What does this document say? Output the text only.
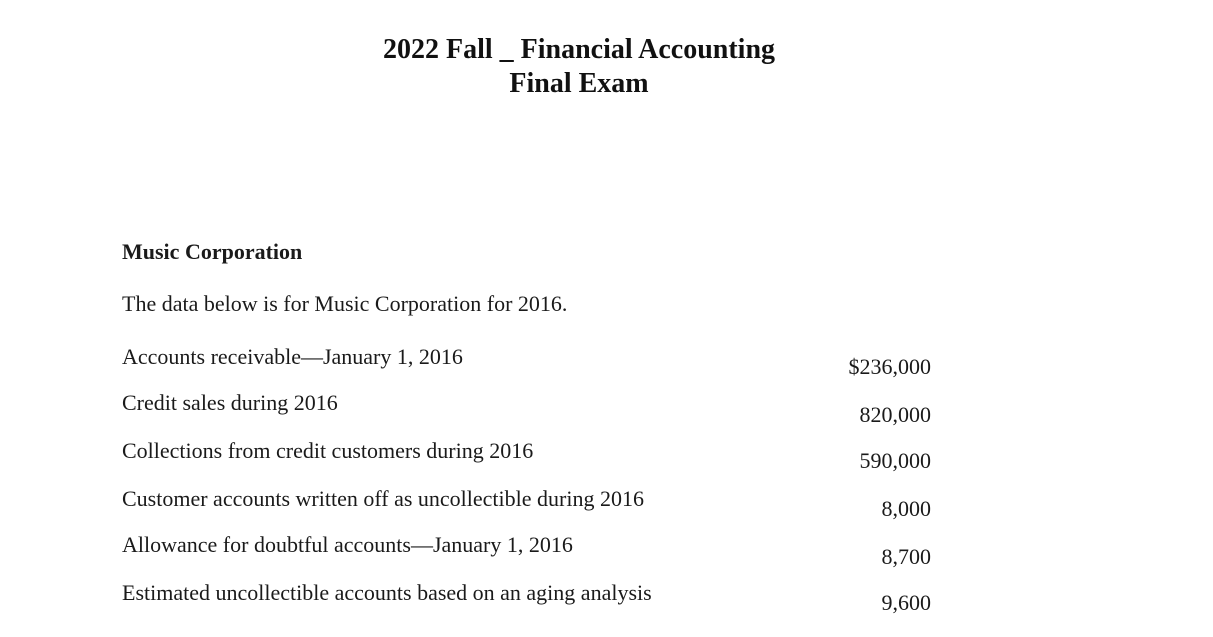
2022 Fall _ Financial Accounting
Final Exam
Music Corporation
The data below is for Music Corporation for 2016.
Accounts receivable—January 1, 2016	$236,000
Credit sales during 2016	820,000
Collections from credit customers during 2016	590,000
Customer accounts written off as uncollectible during 2016	8,000
Allowance for doubtful accounts—January 1, 2016	8,700
Estimated uncollectible accounts based on an aging analysis	9,600
